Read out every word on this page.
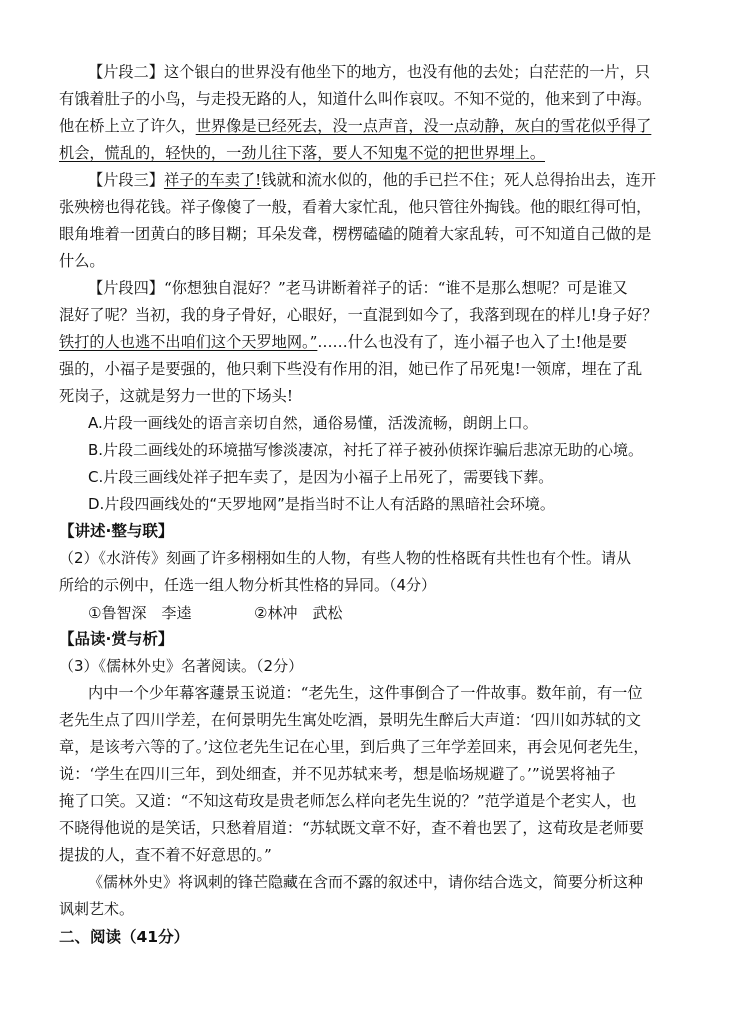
【片段二】这个银白的世界没有他坐下的地方，也没有他的去处；白茫茫的一片，只
有饿着肚子的小鸟，与走投无路的人，知道什么叫作哀叹。不知不觉的，他来到了中海。
他在桥上立了许久，世界像是已经死去，没一点声音，没一点动静，灰白的雪花似乎得了
机会，慌乱的，轻快的，一劲儿往下落，要人不知鬼不觉的把世界埋上。
【片段三】祥子的车卖了!钱就和流水似的，他的手已拦不住；死人总得抬出去，连开
张殃榜也得花钱。祥子像傻了一般，看着大家忙乱，他只管往外掏钱。他的眼红得可怕，
眼角堆着一团黄白的眵目糊；耳朵发聋，楞楞磕磕的随着大家乱转，可不知道自己做的是
什么。
【片段四】“你想独自混好？”老马讲断着祥子的话：“谁不是那么想呢？可是谁又
混好了呢？当初，我的身子骨好，心眼好，一直混到如今了，我落到现在的样儿!身子好？
铁打的人也逃不出咱们这个天罗地网。”……什么也没有了，连小福子也入了土!他是要
强的，小福子是要强的，他只剩下些没有作用的泪，她已作了吊死鬼!一领席，埋在了乱
死岗子，这就是努力一世的下场头!
A.片段一画线处的语言亲切自然，通俗易懂，活泼流畅，朗朗上口。
B.片段二画线处的环境描写惨淡凄凉，衬托了祥子被孙侦探诈骗后悲凉无助的心境。
C.片段三画线处祥子把车卖了，是因为小福子上吊死了，需要钱下葬。
D.片段四画线处的“天罗地网”是指当时不让人有活路的黑暗社会环境。
【讲述·整与联】
（2）《水浒传》刻画了许多栩栩如生的人物，有些人物的性格既有共性也有个性。请从
所给的示例中，任选一组人物分析其性格的异同。（4分）
①鲁智深　李逵	②林冲　武松
【品读·赏与析】
（3）《儒林外史》名著阅读。（2分）
内中一个少年幕客蘧景玉说道：“老先生，这件事倒合了一件故事。数年前，有一位
老先生点了四川学差，在何景明先生寓处吃酒，景明先生醉后大声道：‘四川如苏轼的文
章，是该考六等的了。’这位老先生记在心里，到后典了三年学差回来，再会见何老先生，
说：‘学生在四川三年，到处细查，并不见苏轼来考，想是临场规避了。’”说罢将袖子
掩了口笑。又道：“不知这荀玫是贵老师怎么样向老先生说的？”范学道是个老实人，也
不晓得他说的是笑话，只愁着眉道：“苏轼既文章不好，查不着也罢了，这荀玫是老师要
提拔的人，查不着不好意思的。”
《儒林外史》将讽刺的锋芒隐藏在含而不露的叙述中，请你结合选文，简要分析这种
讽刺艺术。
二、阅读（41分）
